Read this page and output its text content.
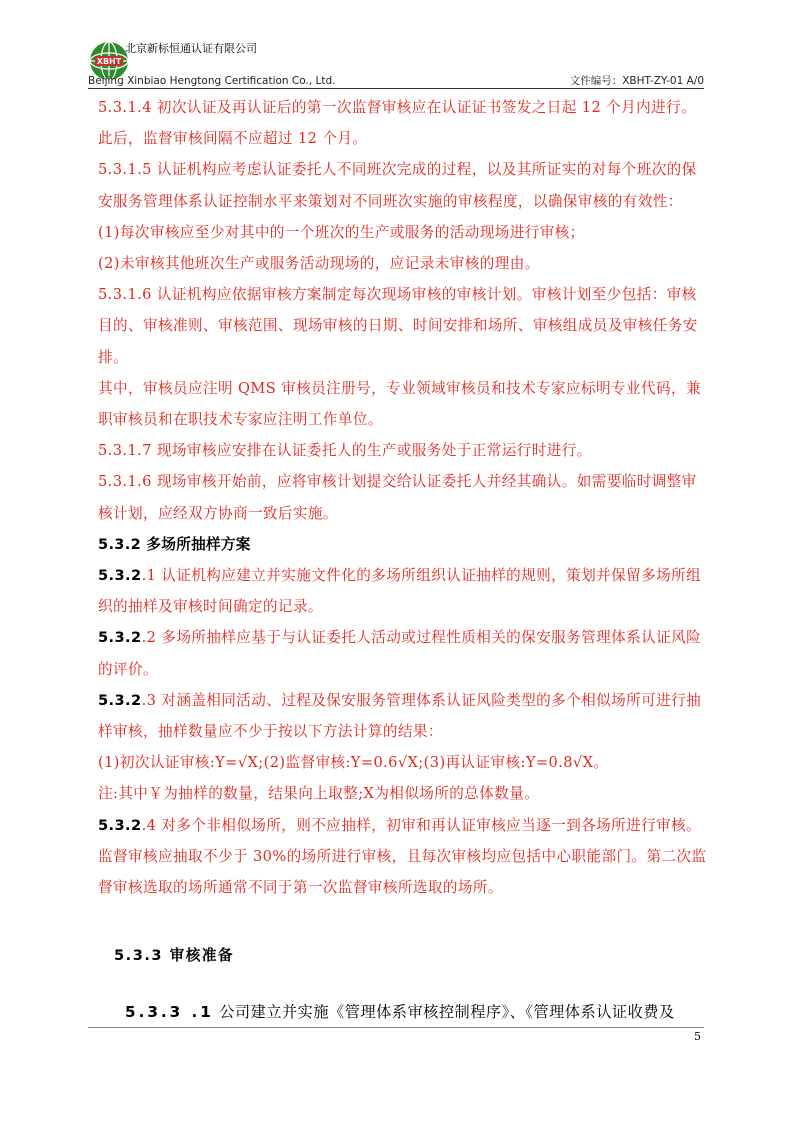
XBHT
北京新标恒通认证有限公司
Beijing Xinbiao Hengtong Certification Co., Ltd.	文件编号：XBHT-ZY-01 A/0

5.3.1.4 初次认证及再认证后的第一次监督审核应在认证证书签发之日起 12 个月内进行。此后，监督审核间隔不应超过 12 个月。

5.3.1.5 认证机构应考虑认证委托人不同班次完成的过程，以及其所证实的对每个班次的保安服务管理体系认证控制水平来策划对不同班次实施的审核程度，以确保审核的有效性：

(1)每次审核应至少对其中的一个班次的生产或服务的活动现场进行审核；

(2)未审核其他班次生产或服务活动现场的，应记录未审核的理由。

5.3.1.6 认证机构应依据审核方案制定每次现场审核的审核计划。审核计划至少包括：审核目的、审核准则、审核范围、现场审核的日期、时间安排和场所、审核组成员及审核任务安排。

其中，审核员应注明 QMS 审核员注册号，专业领域审核员和技术专家应标明专业代码，兼职审核员和在职技术专家应注明工作单位。

5.3.1.7 现场审核应安排在认证委托人的生产或服务处于正常运行时进行。

5.3.1.6 现场审核开始前，应将审核计划提交给认证委托人并经其确认。如需要临时调整审核计划，应经双方协商一致后实施。

5.3.2 多场所抽样方案

5.3.2.1 认证机构应建立并实施文件化的多场所组织认证抽样的规则，策划并保留多场所组织的抽样及审核时间确定的记录。

5.3.2.2 多场所抽样应基于与认证委托人活动或过程性质相关的保安服务管理体系认证风险的评价。

5.3.2.3 对涵盖相同活动、过程及保安服务管理体系认证风险类型的多个相似场所可进行抽样审核，抽样数量应不少于按以下方法计算的结果：

(1)初次认证审核:Y=√X;(2)监督审核:Y=0.6√X;(3)再认证审核:Y=0.8√X。

注:其中￥为抽样的数量，结果向上取整;X为相似场所的总体数量。

5.3.2.4 对多个非相似场所，则不应抽样，初审和再认证审核应当逐一到各场所进行审核。监督审核应抽取不少于 30%的场所进行审核，且每次审核均应包括中心职能部门。第二次监督审核选取的场所通常不同于第一次监督审核所选取的场所。

5.3.3 审核准备

5.3.3 .1 公司建立并实施《管理体系审核控制程序》、《管理体系认证收费及

5
